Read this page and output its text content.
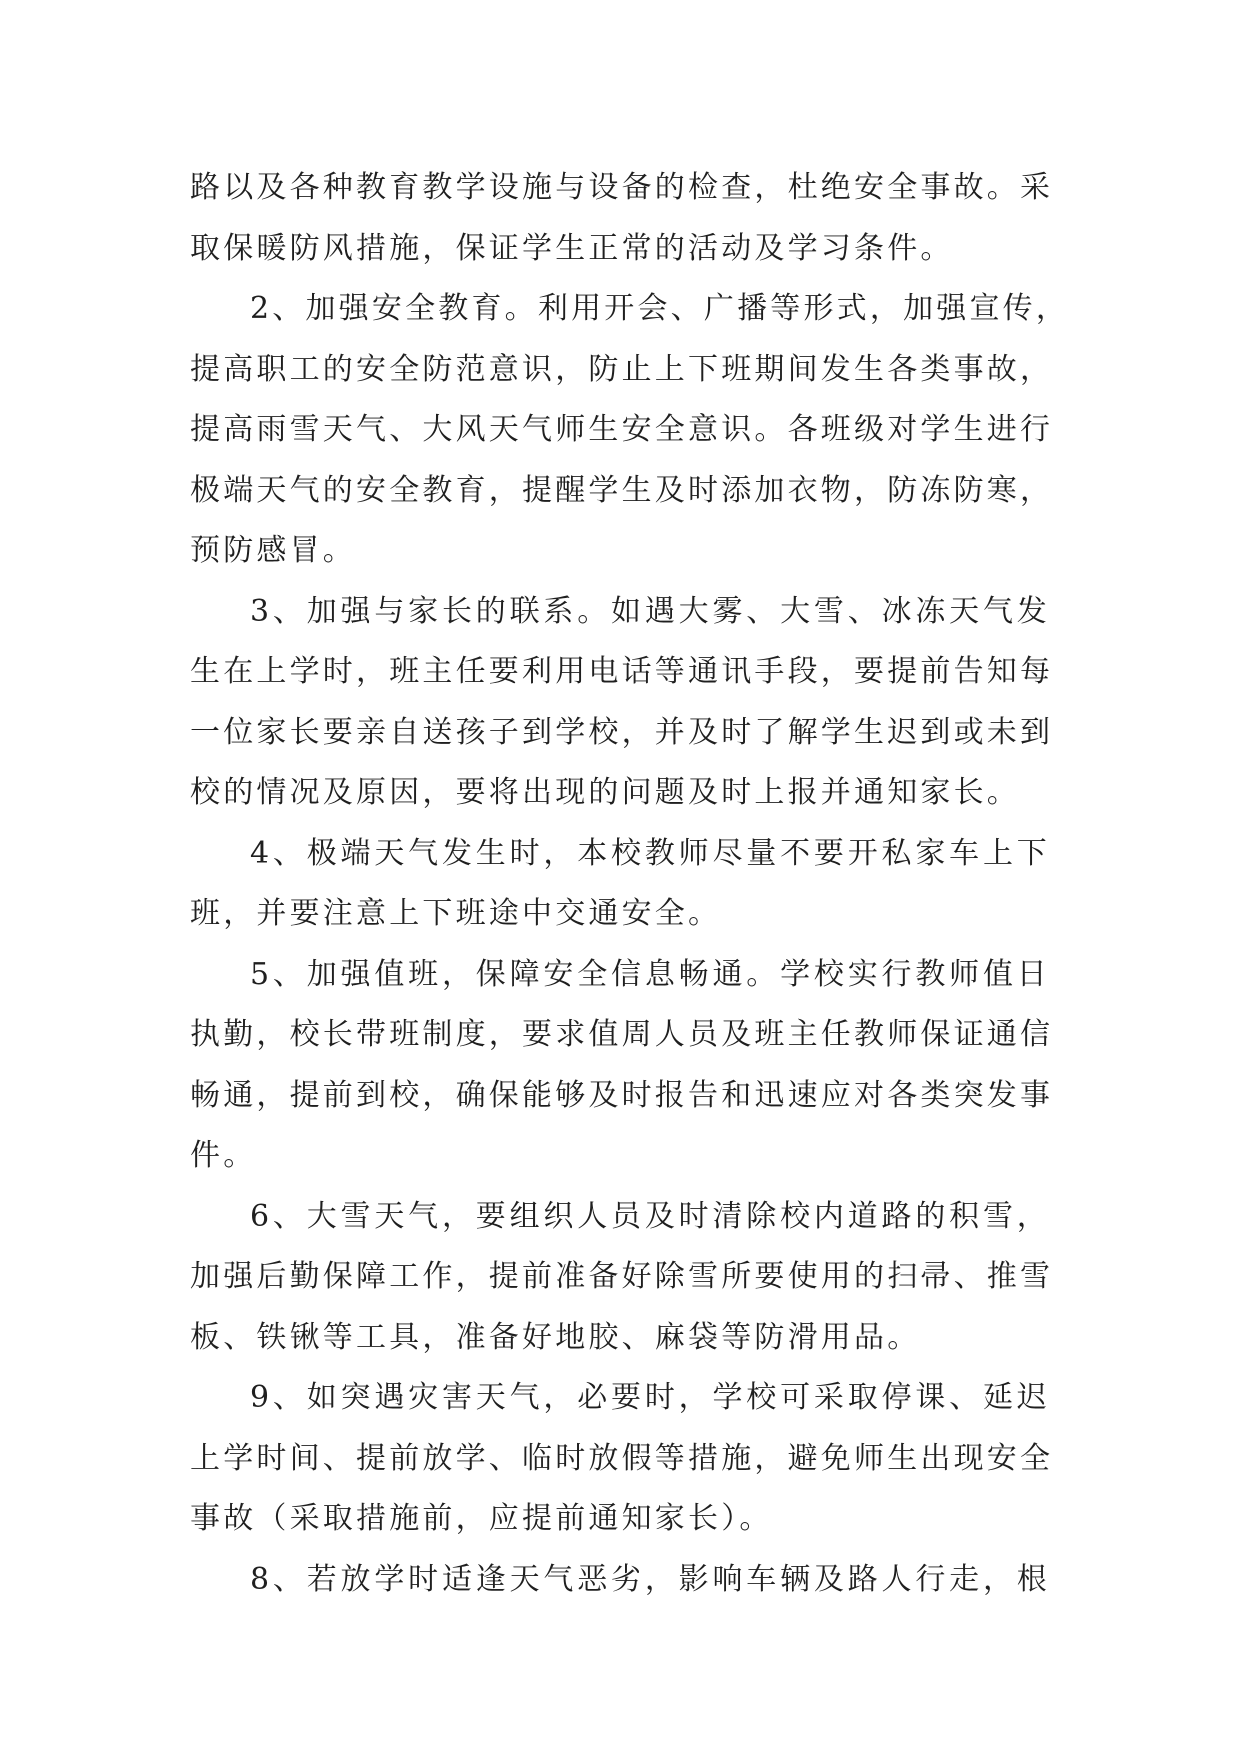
路以及各种教育教学设施与设备的检查，杜绝安全事故。采
取保暖防风措施，保证学生正常的活动及学习条件。

2、加强安全教育。利用开会、广播等形式，加强宣传，
提高职工的安全防范意识，防止上下班期间发生各类事故，
提高雨雪天气、大风天气师生安全意识。各班级对学生进行
极端天气的安全教育，提醒学生及时添加衣物，防冻防寒，
预防感冒。

3、加强与家长的联系。如遇大雾、大雪、冰冻天气发
生在上学时，班主任要利用电话等通讯手段，要提前告知每
一位家长要亲自送孩子到学校，并及时了解学生迟到或未到
校的情况及原因，要将出现的问题及时上报并通知家长。

4、极端天气发生时，本校教师尽量不要开私家车上下
班，并要注意上下班途中交通安全。

5、加强值班，保障安全信息畅通。学校实行教师值日
执勤，校长带班制度，要求值周人员及班主任教师保证通信
畅通，提前到校，确保能够及时报告和迅速应对各类突发事
件。

6、大雪天气，要组织人员及时清除校内道路的积雪，
加强后勤保障工作，提前准备好除雪所要使用的扫帚、推雪
板、铁锹等工具，准备好地胶、麻袋等防滑用品。

9、如突遇灾害天气，必要时，学校可采取停课、延迟
上学时间、提前放学、临时放假等措施，避免师生出现安全
事故（采取措施前，应提前通知家长）。

8、若放学时适逢天气恶劣，影响车辆及路人行走，根
